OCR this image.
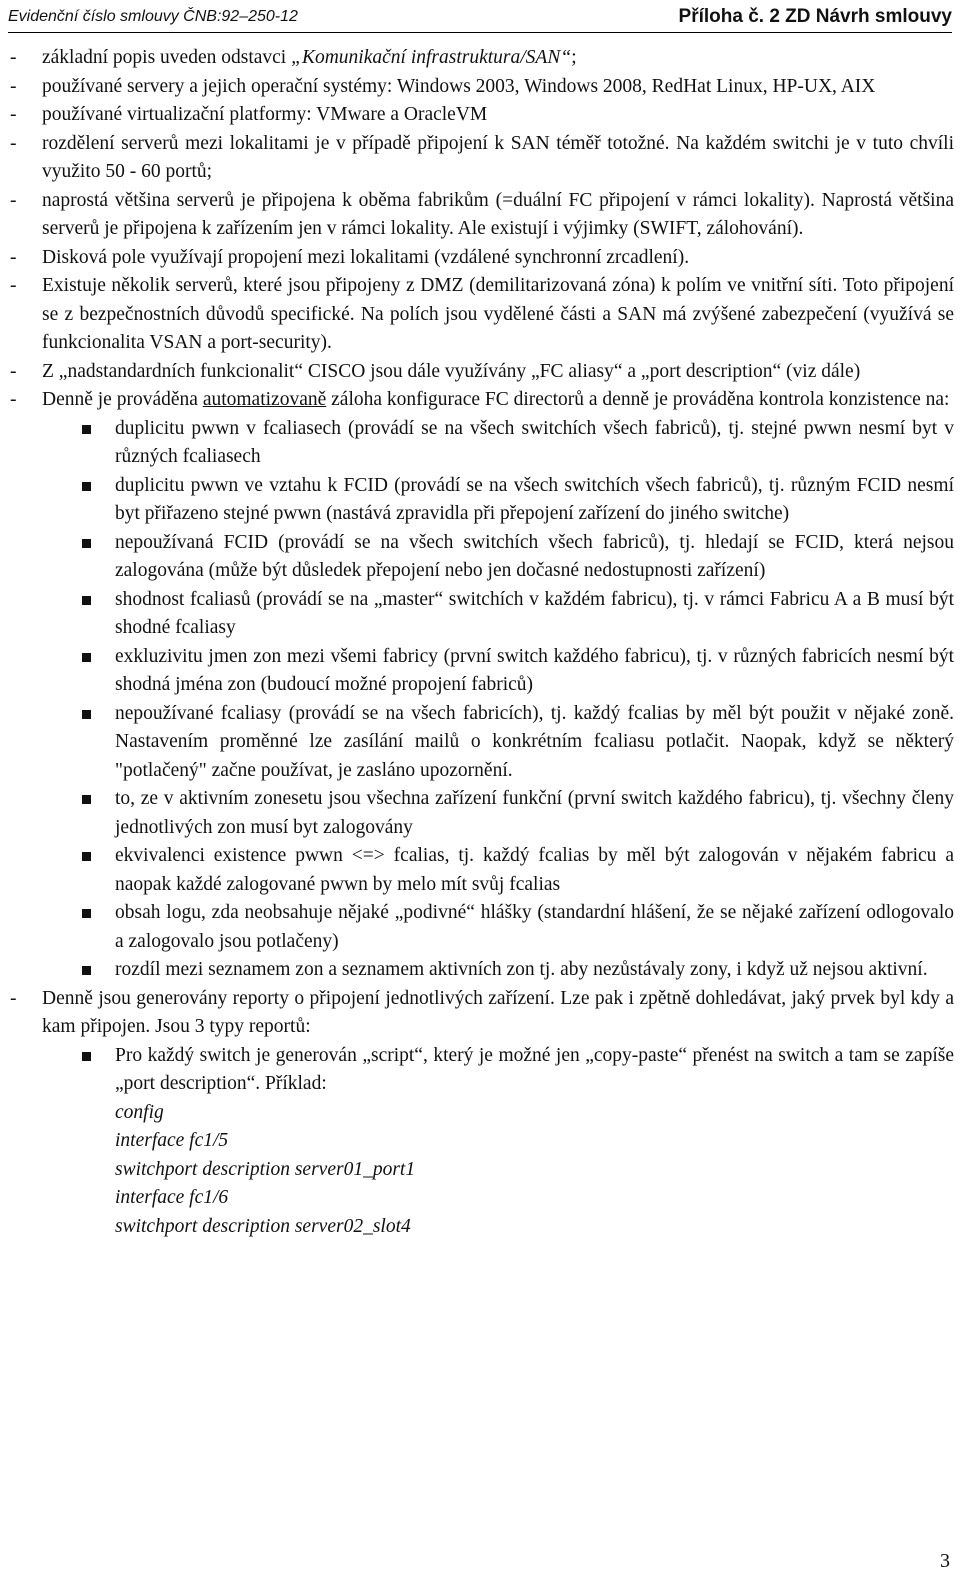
Evidenční číslo smlouvy ČNB:92–250-12	Příloha č. 2 ZD Návrh smlouvy
- základní popis uveden odstavci „Komunikační infrastruktura/SAN“;
- používané servery a jejich operační systémy: Windows 2003, Windows 2008, RedHat Linux, HP-UX, AIX
- používané virtualizační platformy: VMware a OracleVM
- rozdělení serverů mezi lokalitami je v případě připojení k SAN téměř totožné. Na každém switchi je v tuto chvíli využito 50 - 60 portů;
- naprostá většina serverů je připojena k oběma fabrikům (=duální FC připojení v rámci lokality). Naprostá většina serverů je připojena k zařízením jen v rámci lokality. Ale existují i výjimky (SWIFT, zálohování).
- Disková pole využívají propojení mezi lokalitami (vzdálené synchronní zrcadlení).
- Existuje několik serverů, které jsou připojeny z DMZ (demilitarizovaná zóna) k polím ve vnitřní síti. Toto připojení se z bezpečnostních důvodů specifické. Na polích jsou vydělené části a SAN má zvýšené zabezpečení (využívá se funkcionalita VSAN a port-security).
- Z „nadstandardních funkcionalit“ CISCO jsou dále využívány „FC aliasy“ a „port description“ (viz dále)
- Denně je prováděna automatizovaně záloha konfigurace FC directorů a denně je prováděna kontrola konzistence na:
duplicitu pwwn v fcaliasech (provádí se na všech switchích všech fabriců), tj. stejné pwwn nesmí byt v různých fcaliasech
duplicitu pwwn ve vztahu k FCID (provádí se na všech switchích všech fabriců), tj. různým FCID nesmí byt přiřazeno stejné pwwn (nastává zpravidla při přepojení zařízení do jiného switche)
nepoužívaná FCID (provádí se na všech switchích všech fabriců), tj. hledají se FCID, která nejsou zalogována (může být důsledek přepojení nebo jen dočasné nedostupnosti zařízení)
shodnost fcaliasů (provádí se na „master“ switchích v každém fabricu), tj. v rámci Fabricu A a B musí být shodné fcaliasy
exkluzivitu jmen zon mezi všemi fabricy (první switch každého fabricu), tj. v různých fabricích nesmí být shodná jména zon (budoucí možné propojení fabriců)
nepoužívané fcaliasy (provádí se na všech fabricích), tj. každý fcalias by měl být použit v nějaké zoně. Nastavením proměnné lze zasílání mailů o konkrétním fcaliasu potlačit. Naopak, když se některý "potlačený" začne používat, je zasláno upozornění.
to, ze v aktivním zonesetu jsou všechna zařízení funkční (první switch každého fabricu), tj. všechny členy jednotlivých zon musí byt zalogovány
ekvivalenci existence pwwn <=> fcalias, tj. každý fcalias by měl být zalogován v nějakém fabricu a naopak každé zalogované pwwn by melo mít svůj fcalias
obsah logu, zda neobsahuje nějaké „podivné“ hlášky (standardní hlášení, že se nějaké zařízení odlogovalo a zalogovalo jsou potlačeny)
rozdíl mezi seznamem zon a seznamem aktivních zon tj. aby nezůstávaly zony, i když už nejsou aktivní.
- Denně jsou generovány reporty o připojení jednotlivých zařízení. Lze pak i zpětně dohledávat, jaký prvek byl kdy a kam připojen. Jsou 3 typy reportů:
Pro každý switch je generován „script“, který je možné jen „copy-paste“ přenést na switch a tam se zapíše „port description“. Příklad:
config
interface fc1/5
switchport description server01_port1
interface fc1/6
switchport description server02_slot4
3
